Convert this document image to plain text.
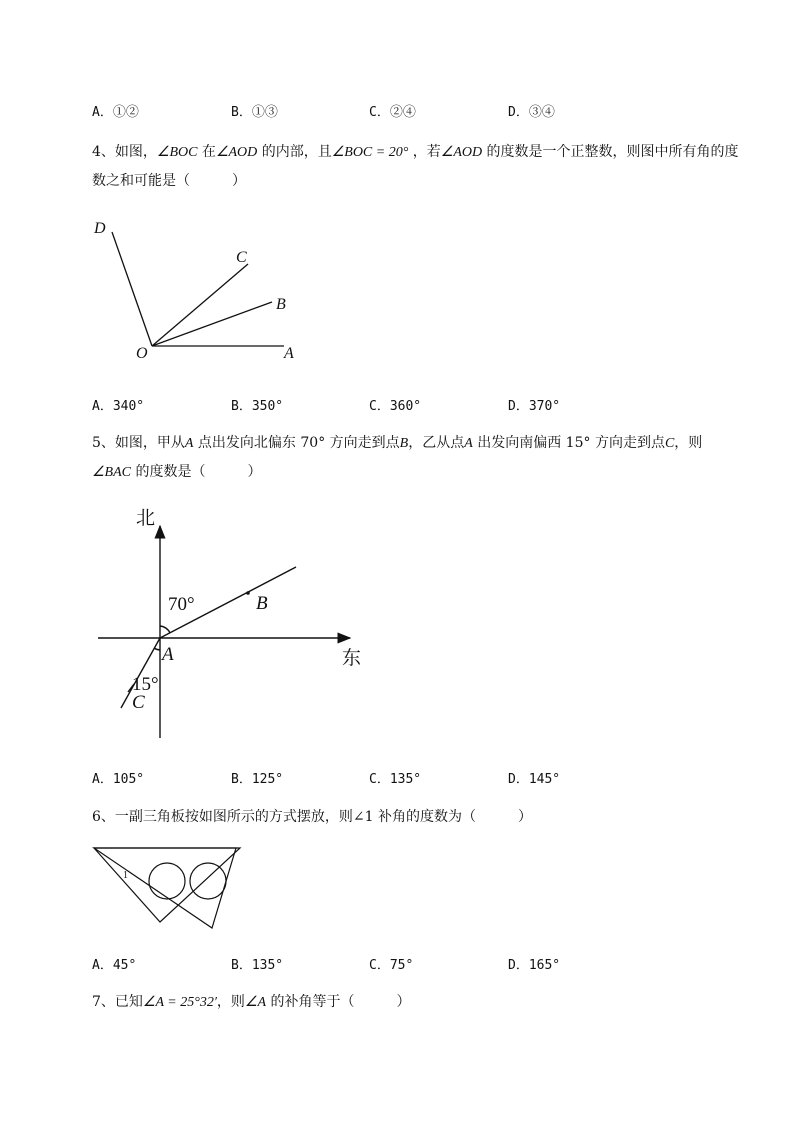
A．①②	B．①③	C．②④	D．③④
4、如图，∠BOC 在∠AOD 的内部，且∠BOC = 20° ，若∠AOD 的度数是一个正整数，则图中所有角的度
数之和可能是（　　　）
D
C
B
O	A
A．340°	B．350°	C．360°	D．370°
5、如图，甲从A 点出发向北偏东 70° 方向走到点B，乙从点A 出发向南偏西 15° 方向走到点C，则
∠BAC 的度数是（　　　）
北
东
70°
15°
B
A
C
A．105°	B．125°	C．135°	D．145°
6、一副三角板按如图所示的方式摆放，则∠1 补角的度数为（　　　）
1
A．45°	B．135°	C．75°	D．165°
7、已知∠A = 25°32′，则∠A 的补角等于（　　　）
